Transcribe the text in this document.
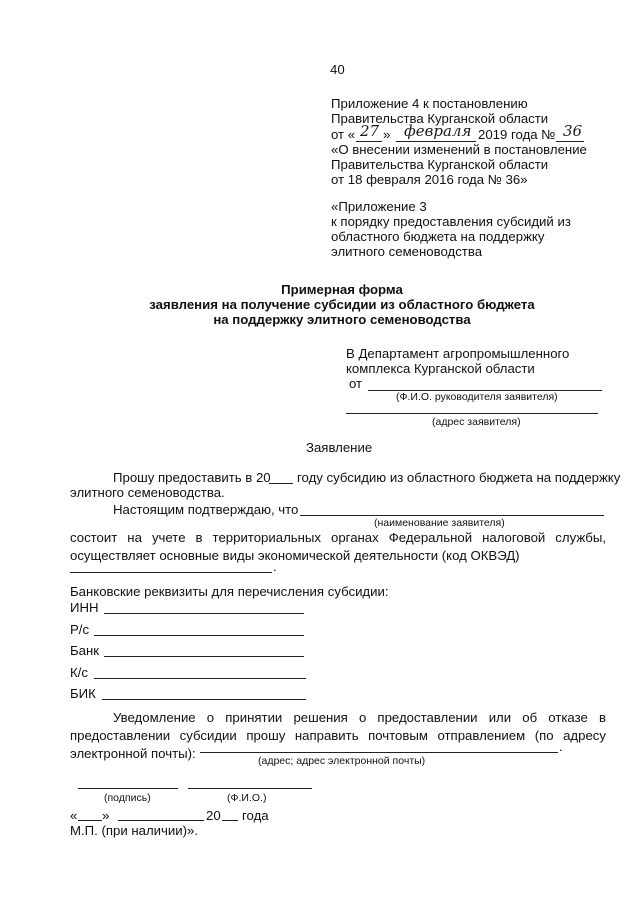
40
Приложение 4 к постановлению
Правительства Курганской области
от « 27 » февраля 2019 года № 36
«О внесении изменений в постановление
Правительства Курганской области
от 18 февраля 2016 года № 36»
«Приложение 3
к порядку предоставления субсидий из
областного бюджета на поддержку
элитного семеноводства
Примерная форма
заявления на получение субсидии из областного бюджета
на поддержку элитного семеноводства
В Департамент агропромышленного
комплекса Курганской области
от
(Ф.И.О. руководителя заявителя)
(адрес заявителя)
Заявление
Прошу предоставить в 20 году субсидию из областного бюджета на поддержку
элитного семеноводства.
Настоящим подтверждаю, что
(наименование заявителя)
состоит на учете в территориальных органах Федеральной налоговой службы, осуществляет основные виды экономической деятельности (код ОКВЭД)
.
Банковские реквизиты для перечисления субсидии:
ИНН
Р/с
Банк
К/с
БИК
Уведомление о принятии решения о предоставлении или об отказе в предоставлении субсидии прошу направить почтовым отправлением (по адресу электронной почты):	.
(адрес; адрес электронной почты)
(подпись)	(Ф.И.О.)
« »	20 года
М.П. (при наличии)».
